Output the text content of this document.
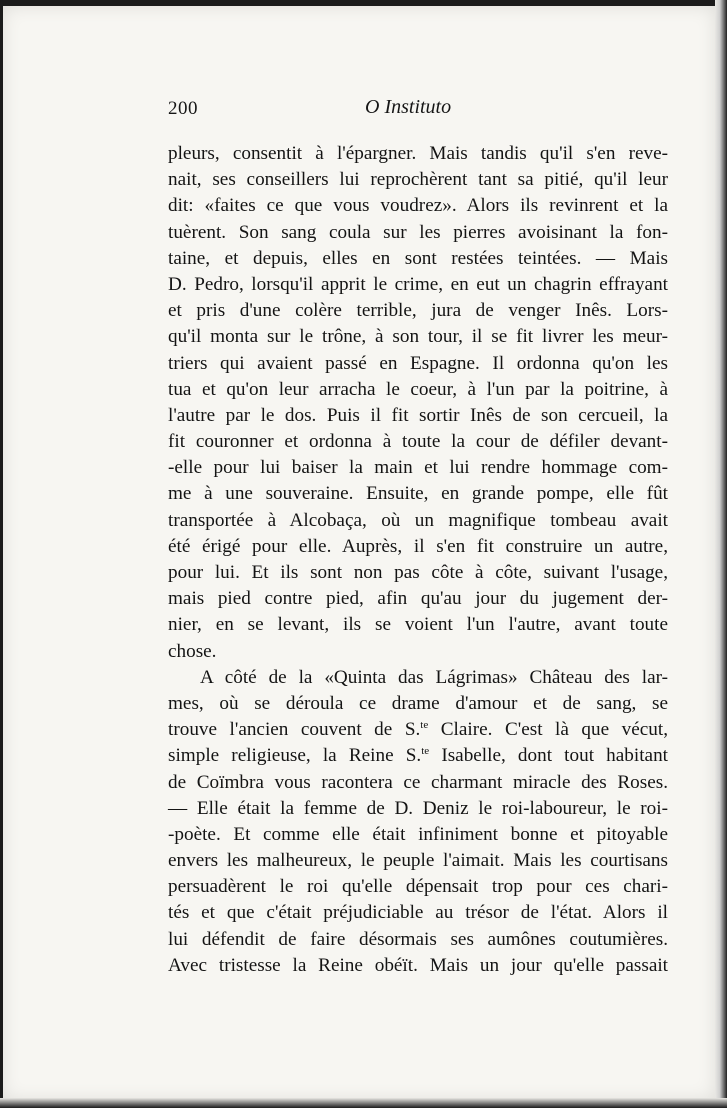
200	O Instituto
pleurs, consentit à l'épargner. Mais tandis qu'il s'en reve-
nait, ses conseillers lui reprochèrent tant sa pitié, qu'il leur
dit: «faites ce que vous voudrez». Alors ils revinrent et la
tuèrent. Son sang coula sur les pierres avoisinant la fon-
taine, et depuis, elles en sont restées teintées. — Mais
D. Pedro, lorsqu'il apprit le crime, en eut un chagrin effrayant
et pris d'une colère terrible, jura de venger Inês. Lors-
qu'il monta sur le trône, à son tour, il se fit livrer les meur-
triers qui avaient passé en Espagne. Il ordonna qu'on les
tua et qu'on leur arracha le coeur, à l'un par la poitrine, à
l'autre par le dos. Puis il fit sortir Inês de son cercueil, la
fit couronner et ordonna à toute la cour de défiler devant-
-elle pour lui baiser la main et lui rendre hommage com-
me à une souveraine. Ensuite, en grande pompe, elle fût
transportée à Alcobaça, où un magnifique tombeau avait
été érigé pour elle. Auprès, il s'en fit construire un autre,
pour lui. Et ils sont non pas côte à côte, suivant l'usage,
mais pied contre pied, afin qu'au jour du jugement der-
nier, en se levant, ils se voient l'un l'autre, avant toute
chose.
A côté de la «Quinta das Lágrimas» Château des lar-
mes, où se déroula ce drame d'amour et de sang, se
trouve l'ancien couvent de S.$^{te}$ Claire. C'est là que vécut,
simple religieuse, la Reine S.$^{te}$ Isabelle, dont tout habitant
de Coïmbra vous racontera ce charmant miracle des Roses.
— Elle était la femme de D. Deniz le roi-laboureur, le roi-
-poète. Et comme elle était infiniment bonne et pitoyable
envers les malheureux, le peuple l'aimait. Mais les courtisans
persuadèrent le roi qu'elle dépensait trop pour ces chari-
tés et que c'était préjudiciable au trésor de l'état. Alors il
lui défendit de faire désormais ses aumônes coutumières.
Avec tristesse la Reine obéït. Mais un jour qu'elle passait
